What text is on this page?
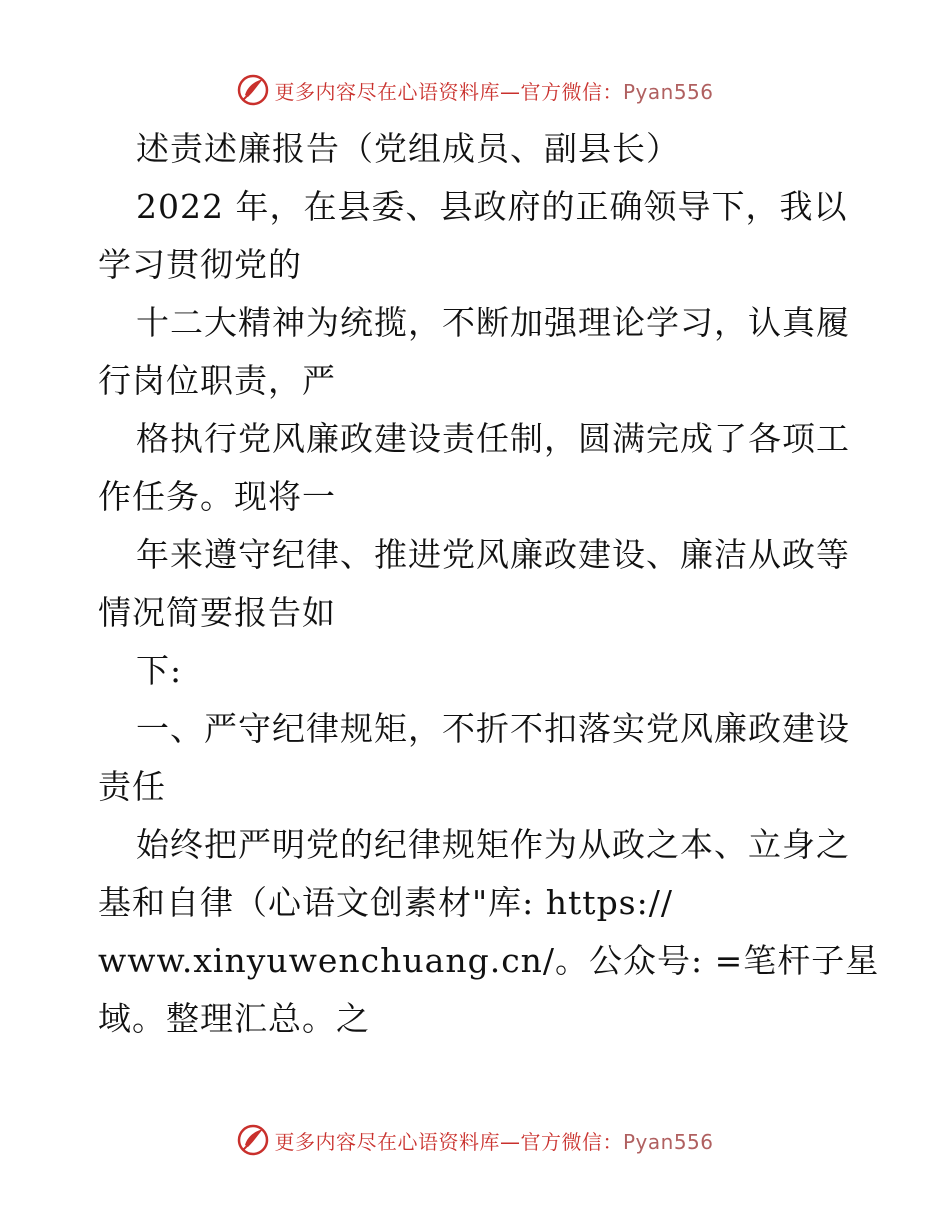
更多内容尽在心语资料库—官方微信：Pyan556
述责述廉报告（党组成员、副县长）
2022 年，在县委、县政府的正确领导下，我以
学习贯彻党的
十二大精神为统揽，不断加强理论学习，认真履
行岗位职责，严
格执行党风廉政建设责任制，圆满完成了各项工
作任务。现将一
年来遵守纪律、推进党风廉政建设、廉洁从政等
情况简要报告如
下:
一、严守纪律规矩，不折不扣落实党风廉政建设
责任
始终把严明党的纪律规矩作为从政之本、立身之
基和自律（心语文创素材"库: https://
www.xinyuwenchuang.cn/。公众号: =笔杆子星
域。整理汇总。之
更多内容尽在心语资料库—官方微信：Pyan556
